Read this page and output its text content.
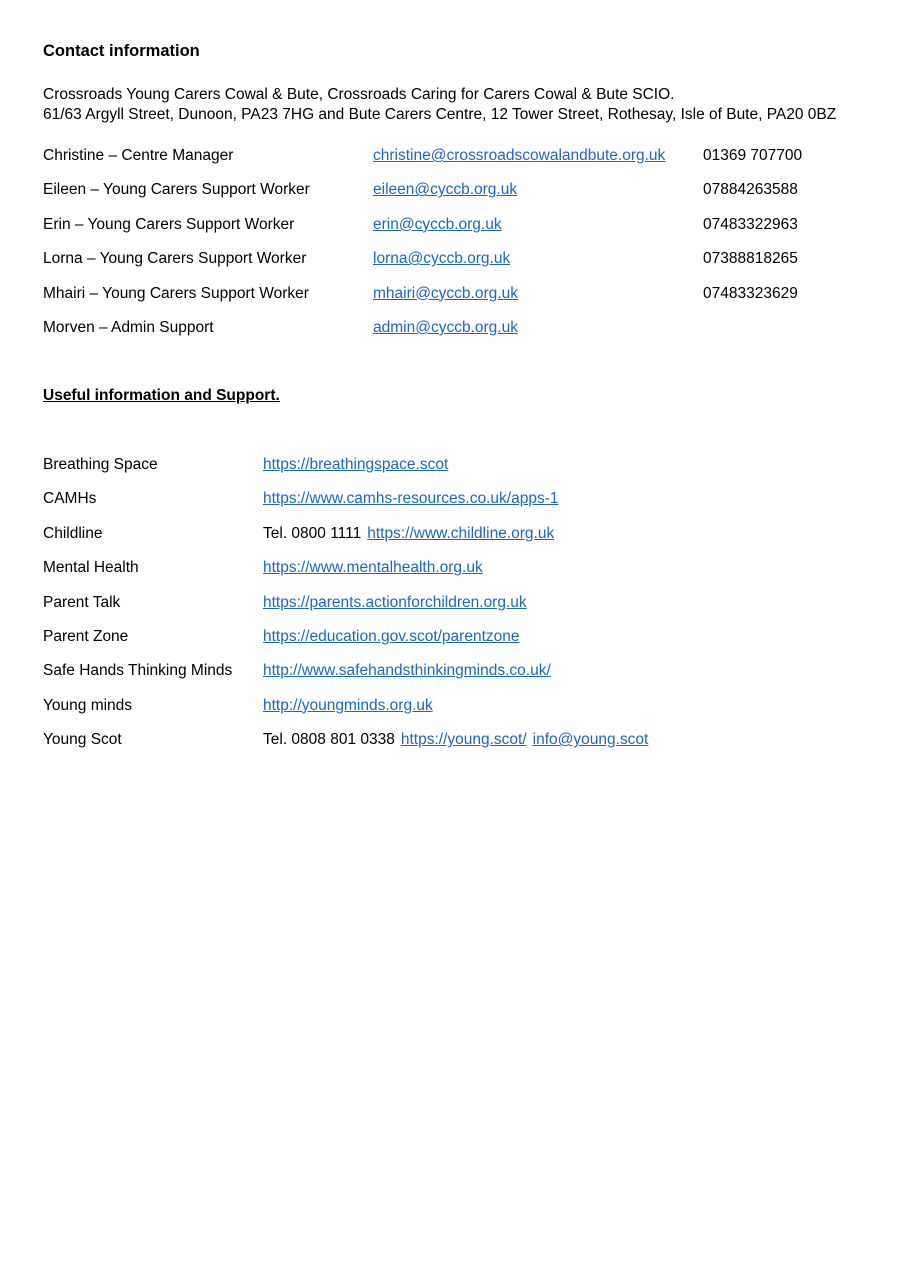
Contact information
Crossroads Young Carers Cowal & Bute, Crossroads Caring for Carers Cowal & Bute SCIO.
61/63 Argyll Street, Dunoon, PA23 7HG and Bute Carers Centre, 12 Tower Street, Rothesay, Isle of Bute, PA20 0BZ
Christine – Centre Manager	christine@crossroadscowalandbute.org.uk 01369 707700
Eileen – Young Carers Support Worker	eileen@cyccb.org.uk	07884263588
Erin – Young Carers Support Worker	erin@cyccb.org.uk	07483322963
Lorna – Young Carers Support Worker	lorna@cyccb.org.uk	07388818265
Mhairi – Young Carers Support Worker	mhairi@cyccb.org.uk	07483323629
Morven – Admin Support	admin@cyccb.org.uk
Useful information and Support.
Breathing Space	https://breathingspace.scot
CAMHs	https://www.camhs-resources.co.uk/apps-1
Childline	Tel. 0800 1111 https://www.childline.org.uk
Mental Health	https://www.mentalhealth.org.uk
Parent Talk	https://parents.actionforchildren.org.uk
Parent Zone	https://education.gov.scot/parentzone
Safe Hands Thinking Minds http://www.safehandsthinkingminds.co.uk/
Young minds	http://youngminds.org.uk
Young Scot	Tel. 0808 801 0338 https://young.scot/ info@young.scot
